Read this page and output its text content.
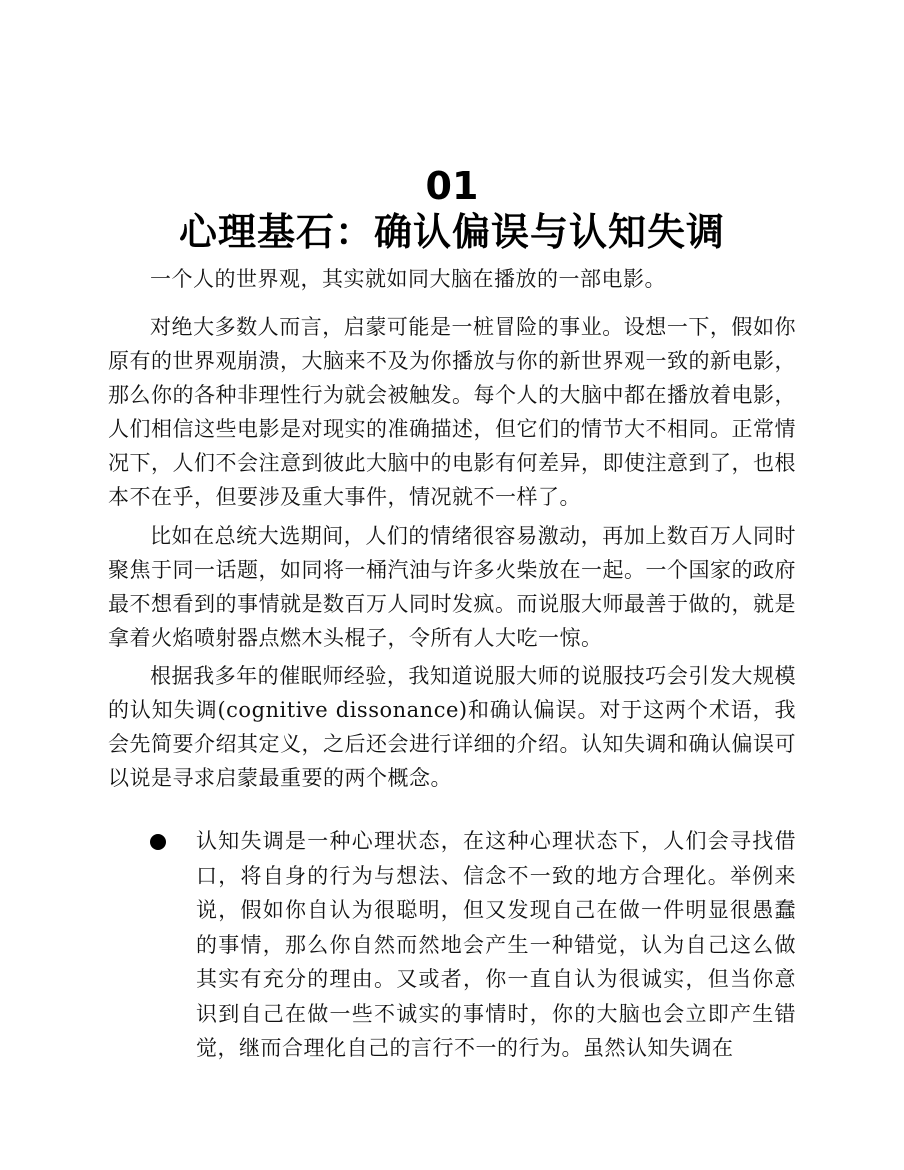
01
心理基石：确认偏误与认知失调

一个人的世界观，其实就如同大脑在播放的一部电影。

对绝大多数人而言，启蒙可能是一桩冒险的事业。设想一下，假如你原有的世界观崩溃，大脑来不及为你播放与你的新世界观一致的新电影，那么你的各种非理性行为就会被触发。每个人的大脑中都在播放着电影，人们相信这些电影是对现实的准确描述，但它们的情节大不相同。正常情况下，人们不会注意到彼此大脑中的电影有何差异，即使注意到了，也根本不在乎，但要涉及重大事件，情况就不一样了。

比如在总统大选期间，人们的情绪很容易激动，再加上数百万人同时聚焦于同一话题，如同将一桶汽油与许多火柴放在一起。一个国家的政府最不想看到的事情就是数百万人同时发疯。而说服大师最善于做的，就是拿着火焰喷射器点燃木头棍子，令所有人大吃一惊。

根据我多年的催眠师经验，我知道说服大师的说服技巧会引发大规模的认知失调(cognitive dissonance)和确认偏误。对于这两个术语，我会先简要介绍其定义，之后还会进行详细的介绍。认知失调和确认偏误可以说是寻求启蒙最重要的两个概念。

认知失调是一种心理状态，在这种心理状态下，人们会寻找借口，将自身的行为与想法、信念不一致的地方合理化。举例来说，假如你自认为很聪明，但又发现自己在做一件明显很愚蠢的事情，那么你自然而然地会产生一种错觉，认为自己这么做其实有充分的理由。又或者，你一直自认为很诚实，但当你意识到自己在做一些不诚实的事情时，你的大脑也会立即产生错觉，继而合理化自己的言行不一的行为。虽然认知失调在
